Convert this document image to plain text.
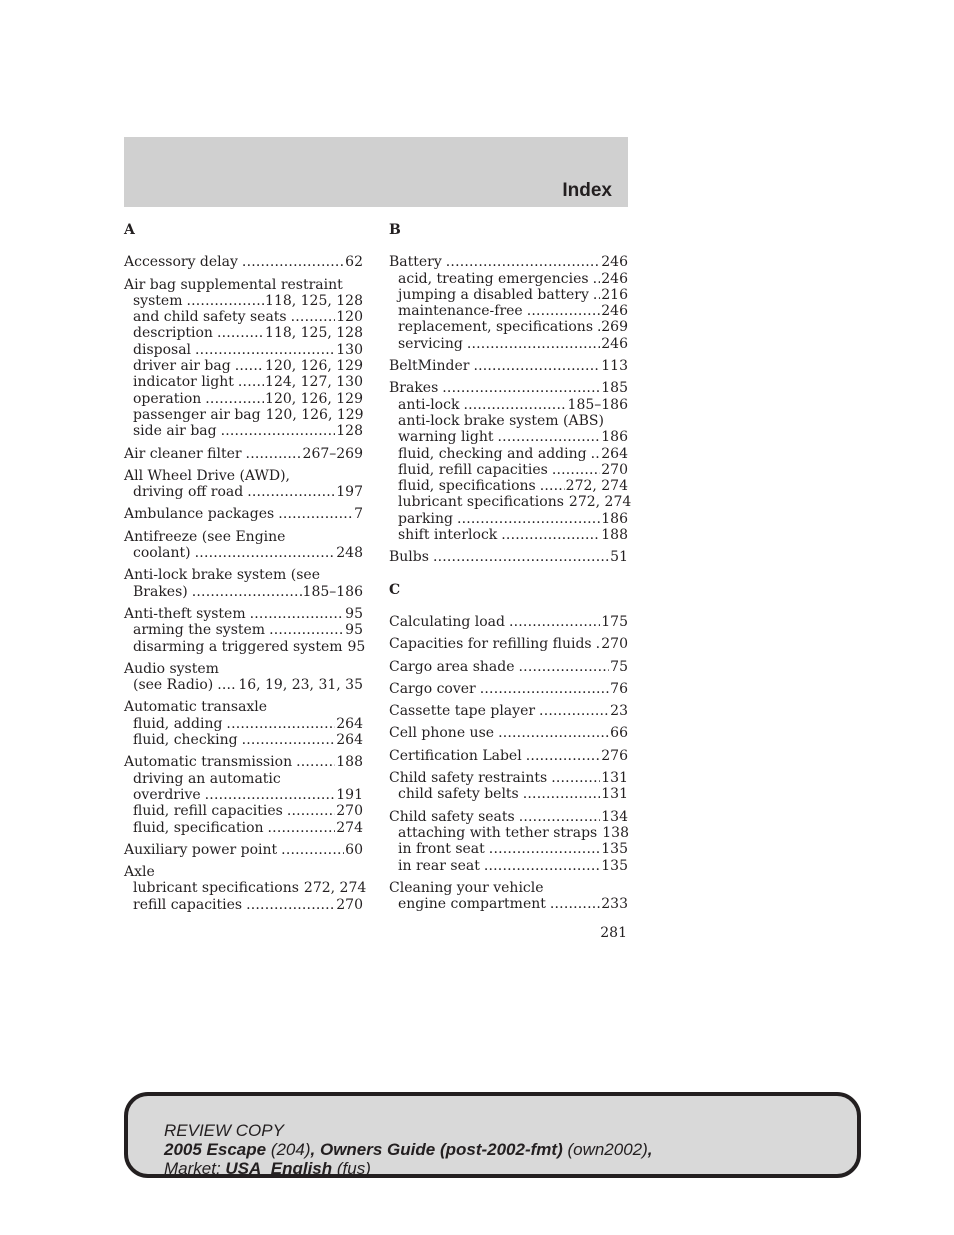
Index
A
Accessory delay .....	62
Air bag supplemental restraint
system .....	118, 125, 128
and child safety seats .....	120
description .....	118, 125, 128
disposal .....	130
driver air bag ..... 120, 126, 129
indicator light ..... 124, 127, 130
operation .....	120, 126, 129
passenger air bag 120, 126, 129
side air bag .....	128
Air cleaner filter .....	267–269
All Wheel Drive (AWD),
driving off road .....	197
Ambulance packages .....	7
Antifreeze (see Engine
coolant) .....	248
Anti-lock brake system (see
Brakes) .....	185–186
Anti-theft system .....	95
arming the system .....	95
disarming a triggered system 95
Audio system
(see Radio) ..... 16, 19, 23, 31, 35
Automatic transaxle
fluid, adding .....	264
fluid, checking .....	264
Automatic transmission .....	188
driving an automatic
overdrive .....	191
fluid, refill capacities .....	270
fluid, specification .....	274
Auxiliary power point .....	60
Axle
lubricant specifications 272, 274
refill capacities .....	270
B
Battery .....	246
acid, treating emergencies ..... 246
jumping a disabled battery ..... 216
maintenance-free .....	246
replacement, specifications ..... 269
servicing .....	246
BeltMinder .....	113
Brakes .....	185
anti-lock .....	185–186
anti-lock brake system (ABS)
warning light .....	186
fluid, checking and adding ..... 264
fluid, refill capacities .....	270
fluid, specifications ..... 272, 274
lubricant specifications 272, 274
parking .....	186
shift interlock .....	188
Bulbs .....	51
C
Calculating load .....	175
Capacities for refilling fluids ..... 270
Cargo area shade .....	75
Cargo cover .....	76
Cassette tape player .....	23
Cell phone use .....	66
Certification Label .....	276
Child safety restraints .....	131
child safety belts .....	131
Child safety seats .....	134
attaching with tether straps 138
in front seat .....	135
in rear seat .....	135
Cleaning your vehicle
engine compartment .....	233
281
REVIEW COPY
2005 Escape (204), Owners Guide (post-2002-fmt) (own2002),
Market: USA_English (fus)
